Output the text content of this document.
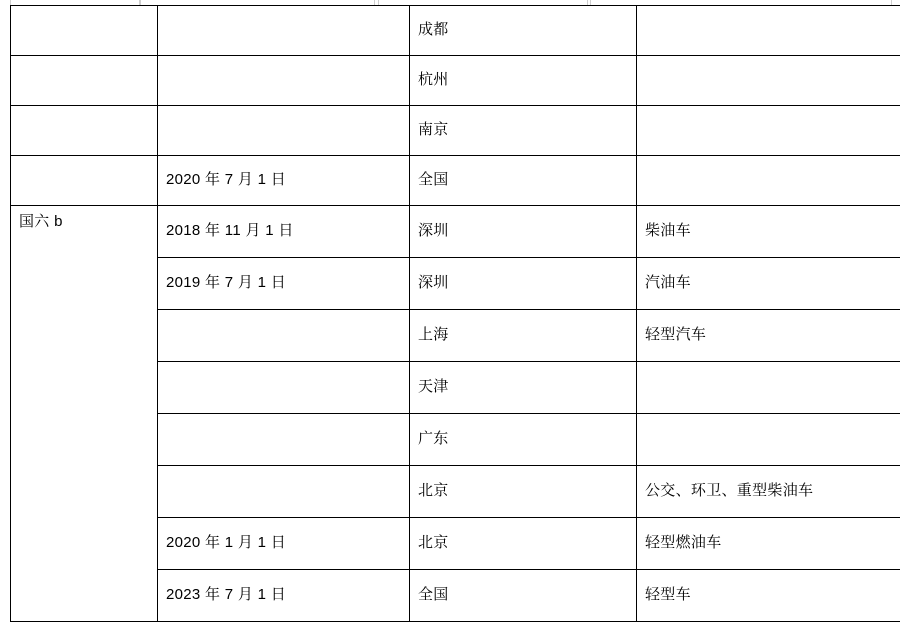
		成都	
		杭州	
		南京	
	2020 年 7 月 1 日	全国	
国六 b	2018 年 11 月 1 日	深圳	柴油车
	2019 年 7 月 1 日	深圳	汽油车
		上海	轻型汽车
		天津	
		广东	
		北京	公交、环卫、重型柴油车
	2020 年 1 月 1 日	北京	轻型燃油车
	2023 年 7 月 1 日	全国	轻型车
